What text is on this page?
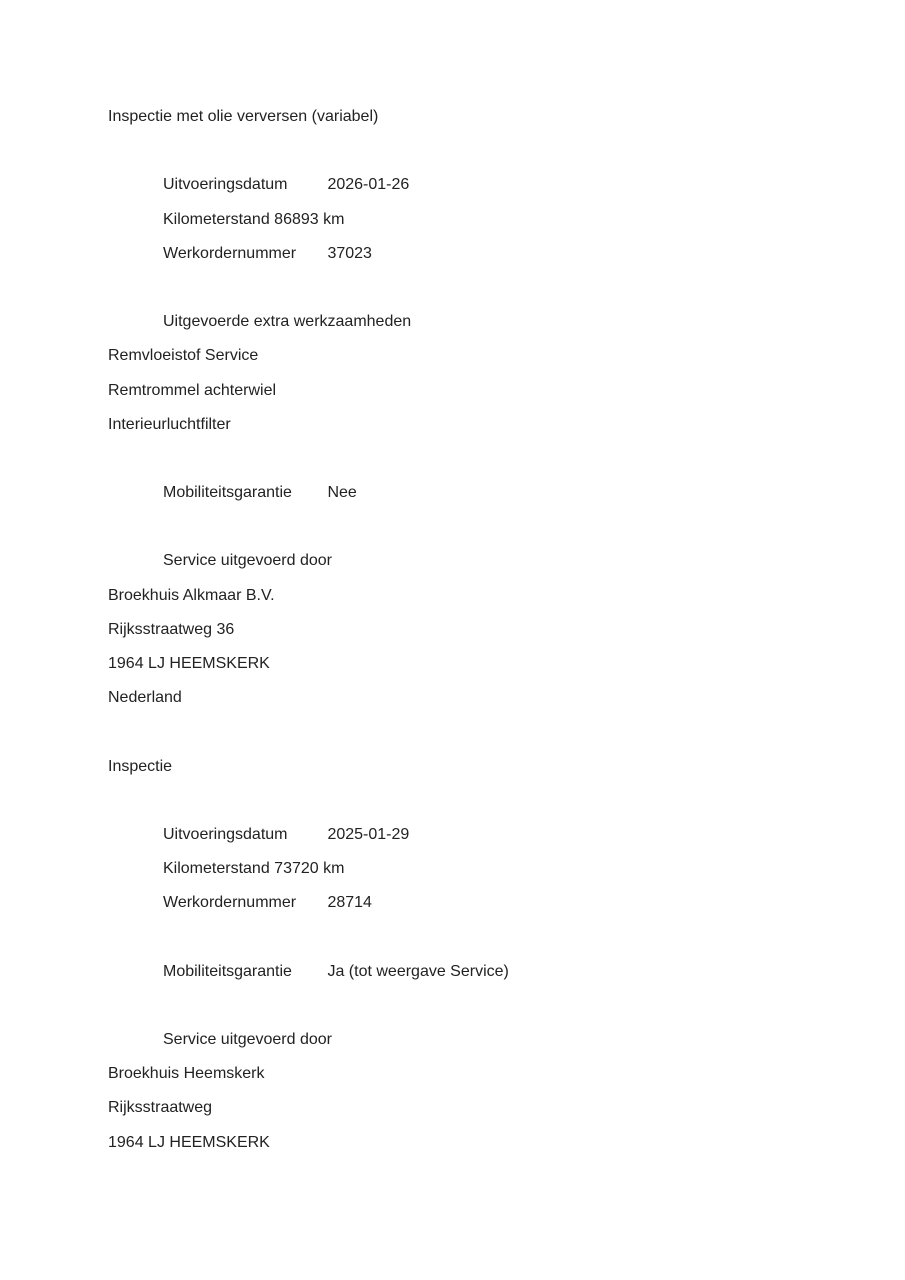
Inspectie met olie verversen (variabel)

Uitvoeringsdatum 2026-01-26

Kilometerstand 86893 km

Werkordernummer 37023

Uitgevoerde extra werkzaamheden

Remvloeistof Service

Remtrommel achterwiel

Interieurluchtfilter

Mobiliteitsgarantie Nee

Service uitgevoerd door

Broekhuis Alkmaar B.V.

Rijksstraatweg 36

1964 LJ HEEMSKERK

Nederland

Inspectie

Uitvoeringsdatum 2025-01-29

Kilometerstand 73720 km

Werkordernummer 28714

Mobiliteitsgarantie Ja (tot weergave Service)

Service uitgevoerd door

Broekhuis Heemskerk

Rijksstraatweg

1964 LJ HEEMSKERK
